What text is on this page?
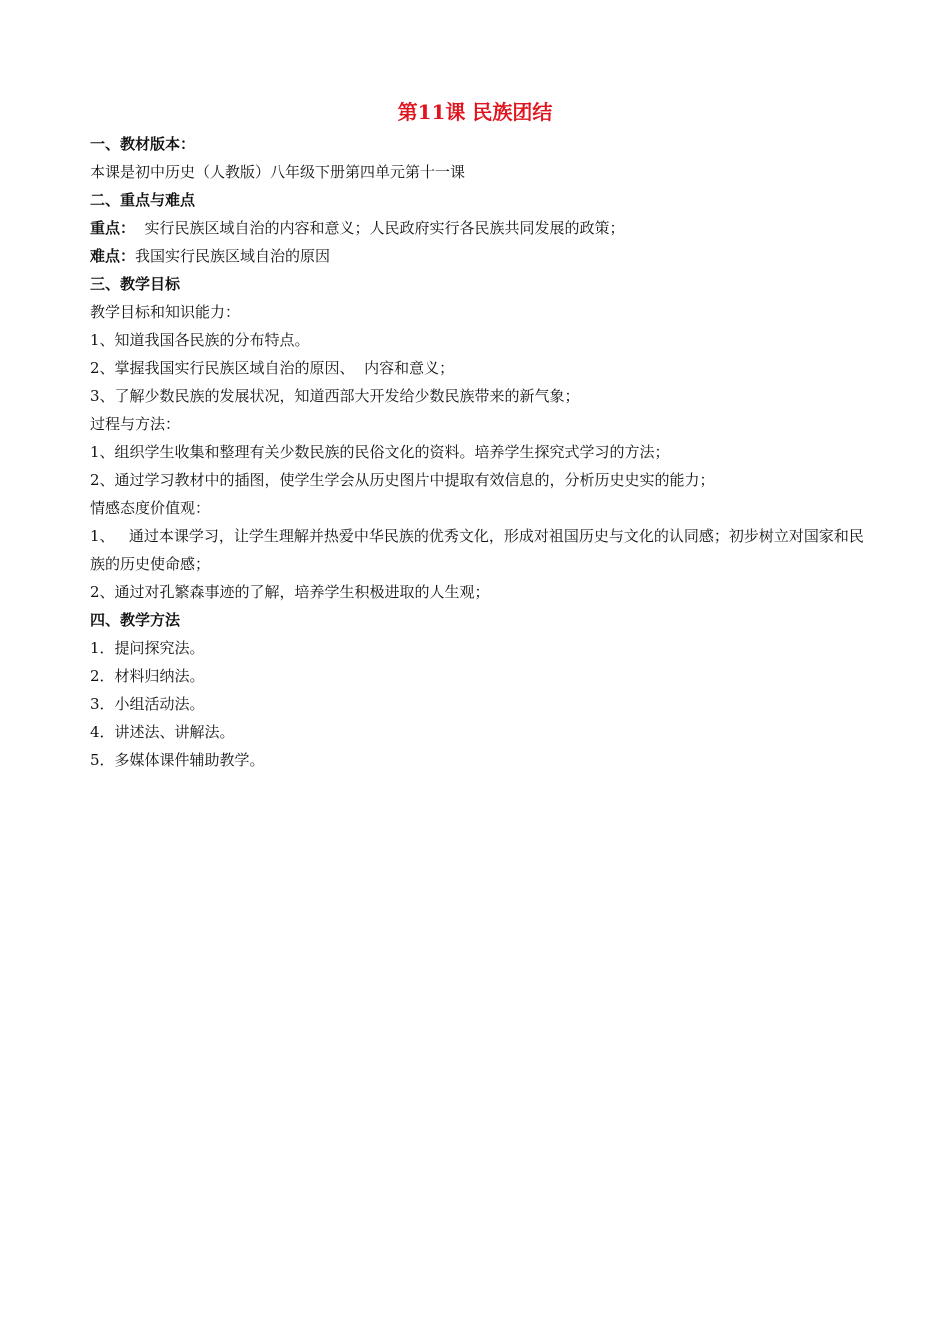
第11课 民族团结
一、教材版本：
本课是初中历史（人教版）八年级下册第四单元第十一课
二、重点与难点
重点：  实行民族区域自治的内容和意义；人民政府实行各民族共同发展的政策；
难点：我国实行民族区域自治的原因
三、教学目标
教学目标和知识能力：
1、知道我国各民族的分布特点。
2、掌握我国实行民族区域自治的原因、  内容和意义；
3、了解少数民族的发展状况，知道西部大开发给少数民族带来的新气象；
过程与方法：
1、组织学生收集和整理有关少数民族的民俗文化的资料。培养学生探究式学习的方法；
2、通过学习教材中的插图，使学生学会从历史图片中提取有效信息的，分析历史史实的能力；
情感态度价值观：
1、   通过本课学习，让学生理解并热爱中华民族的优秀文化，形成对祖国历史与文化的认同感；初步树立对国家和民族的历史使命感；
2、通过对孔繁森事迹的了解，培养学生积极进取的人生观；
四、教学方法
1．提问探究法。
2．材料归纳法。
3．小组活动法。
4．讲述法、讲解法。
5．多媒体课件辅助教学。
